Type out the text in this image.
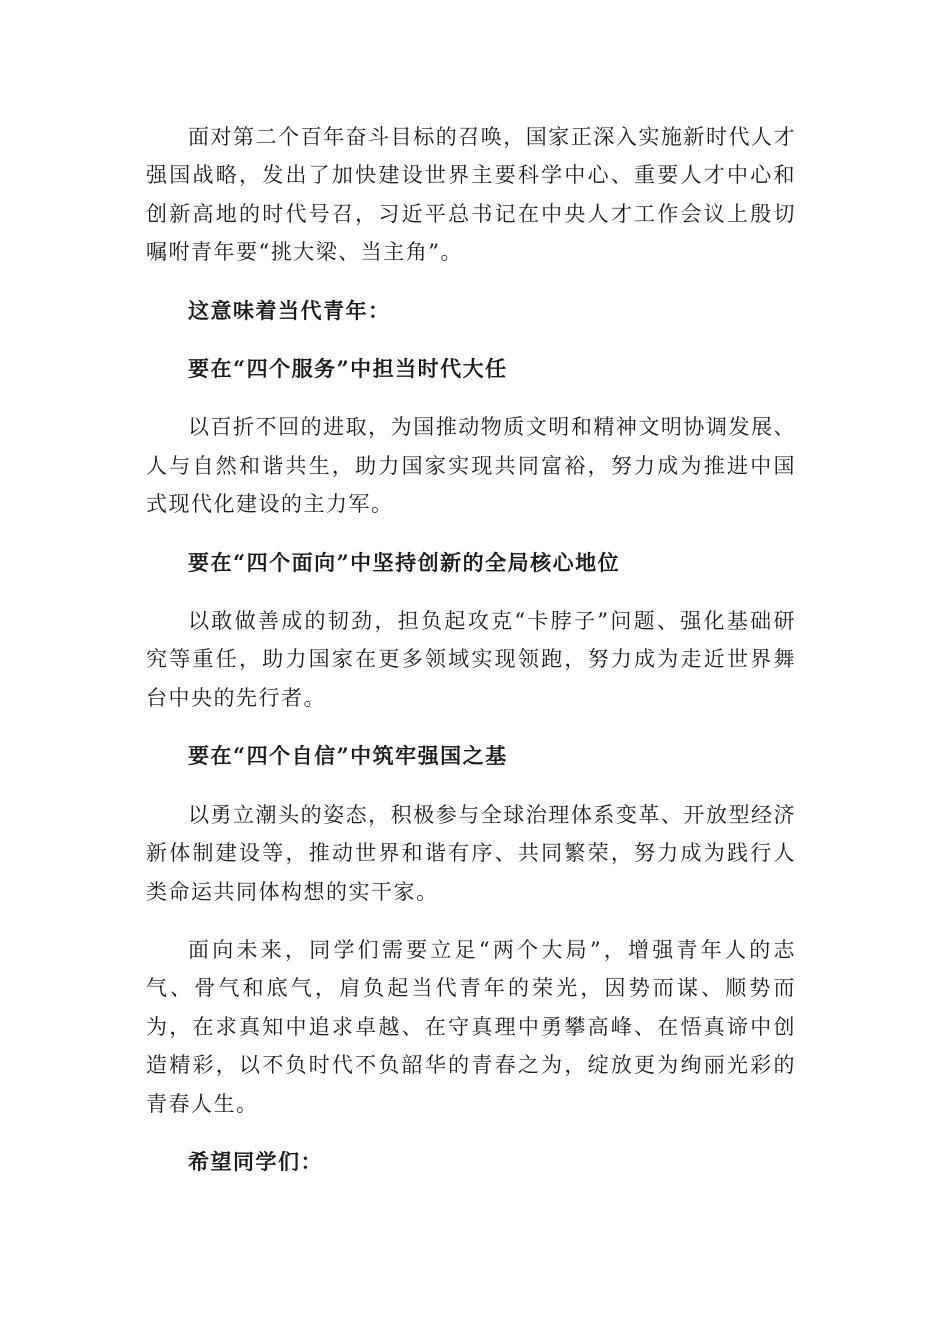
面对第二个百年奋斗目标的召唤，国家正深入实施新时代人才强国战略，发出了加快建设世界主要科学中心、重要人才中心和创新高地的时代号召，习近平总书记在中央人才工作会议上殷切嘱咐青年要“挑大梁、当主角”。

这意味着当代青年：

要在“四个服务”中担当时代大任

以百折不回的进取，为国推动物质文明和精神文明协调发展、人与自然和谐共生，助力国家实现共同富裕，努力成为推进中国式现代化建设的主力军。

要在“四个面向”中坚持创新的全局核心地位

以敢做善成的韧劲，担负起攻克“卡脖子”问题、强化基础研究等重任，助力国家在更多领域实现领跑，努力成为走近世界舞台中央的先行者。

要在“四个自信”中筑牢强国之基

以勇立潮头的姿态，积极参与全球治理体系变革、开放型经济新体制建设等，推动世界和谐有序、共同繁荣，努力成为践行人类命运共同体构想的实干家。

面向未来，同学们需要立足“两个大局”，增强青年人的志气、骨气和底气，肩负起当代青年的荣光，因势而谋、顺势而为，在求真知中追求卓越、在守真理中勇攀高峰、在悟真谛中创造精彩，以不负时代不负韶华的青春之为，绽放更为绚丽光彩的青春人生。

希望同学们：
